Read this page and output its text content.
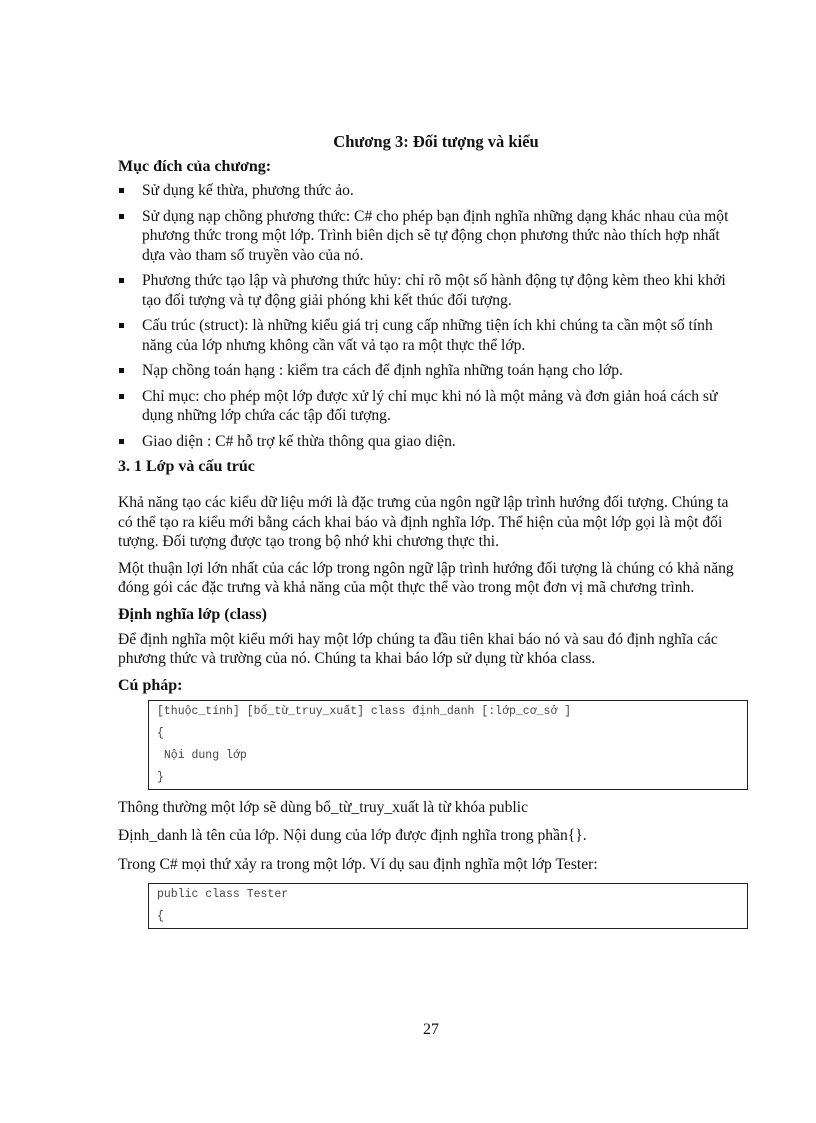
Chương 3: Đối tượng và kiểu
Mục đích của chương:
Sử dụng kế thừa, phương thức ảo.
Sử dụng nạp chồng phương thức: C# cho phép bạn định nghĩa những dạng khác nhau của một phương thức trong một lớp. Trình biên dịch sẽ tự động chọn phương thức nào thích hợp nhất dựa vào tham số truyền vào của nó.
Phương thức tạo lập và phương thức hủy: chỉ rõ một số hành động tự động kèm theo khi khởi tạo đối tượng và tự động giải phóng khi kết thúc đối tượng.
Cấu trúc (struct): là những kiểu giá trị cung cấp những tiện ích khi chúng ta cần một số tính năng của lớp nhưng không cần vất vả tạo ra một thực thể lớp.
Nạp chồng toán hạng : kiểm tra cách để định nghĩa những toán hạng cho lớp.
Chỉ mục: cho phép một lớp được xử lý chỉ mục khi nó là một mảng và đơn giản hoá cách sử dụng những lớp chứa các tập đối tượng.
Giao diện : C# hỗ trợ kế thừa thông qua giao diện.
3. 1 Lớp và cấu trúc

Khả năng tạo các kiểu dữ liệu mới là đặc trưng của ngôn ngữ lập trình hướng đối tượng. Chúng ta có thể tạo ra kiểu mới bằng cách khai báo và định nghĩa lớp. Thể hiện của một lớp gọi là một đối tượng. Đối tượng được tạo trong bộ nhớ khi chương thực thi.

Một thuận lợi lớn nhất của các lớp trong ngôn ngữ lập trình hướng đối tượng là chúng có khả năng đóng gói các đặc trưng và khả năng của một thực thể vào trong một đơn vị mã chương trình.

Định nghĩa lớp (class)

Để định nghĩa một kiểu mới hay một lớp chúng ta đầu tiên khai báo nó và sau đó định nghĩa các phương thức và trường của nó. Chúng ta khai báo lớp sử dụng từ khóa class.

Cú pháp:
[thuộc_tính] [bổ_từ_truy_xuất] class định_danh [:lớp_cơ_sở ]
{
Nội dung lớp
}

Thông thường một lớp sẽ dùng bổ_từ_truy_xuất là từ khóa public

Định_danh là tên của lớp. Nội dung của lớp được định nghĩa trong phần{}.

Trong C# mọi thứ xảy ra trong một lớp. Ví dụ sau định nghĩa một lớp Tester:

public class Tester
{
27
